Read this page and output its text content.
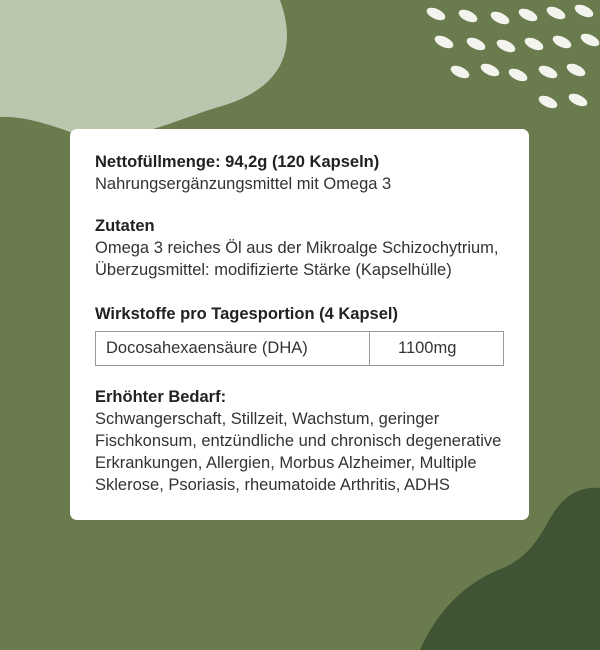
Nettofüllmenge: 94,2g (120 Kapseln)
Nahrungsergänzungsmittel mit Omega 3
Zutaten
Omega 3 reiches Öl aus der Mikroalge Schizochytrium,
Überzugsmittel: modifizierte Stärke (Kapselhülle)
Wirkstoffe pro Tagesportion (4 Kapsel)
Docosahexaensäure (DHA)	1100mg
Erhöhter Bedarf:
Schwangerschaft, Stillzeit, Wachstum, geringer
Fischkonsum, entzündliche und chronisch degenerative
Erkrankungen, Allergien, Morbus Alzheimer, Multiple
Sklerose, Psoriasis, rheumatoide Arthritis, ADHS
